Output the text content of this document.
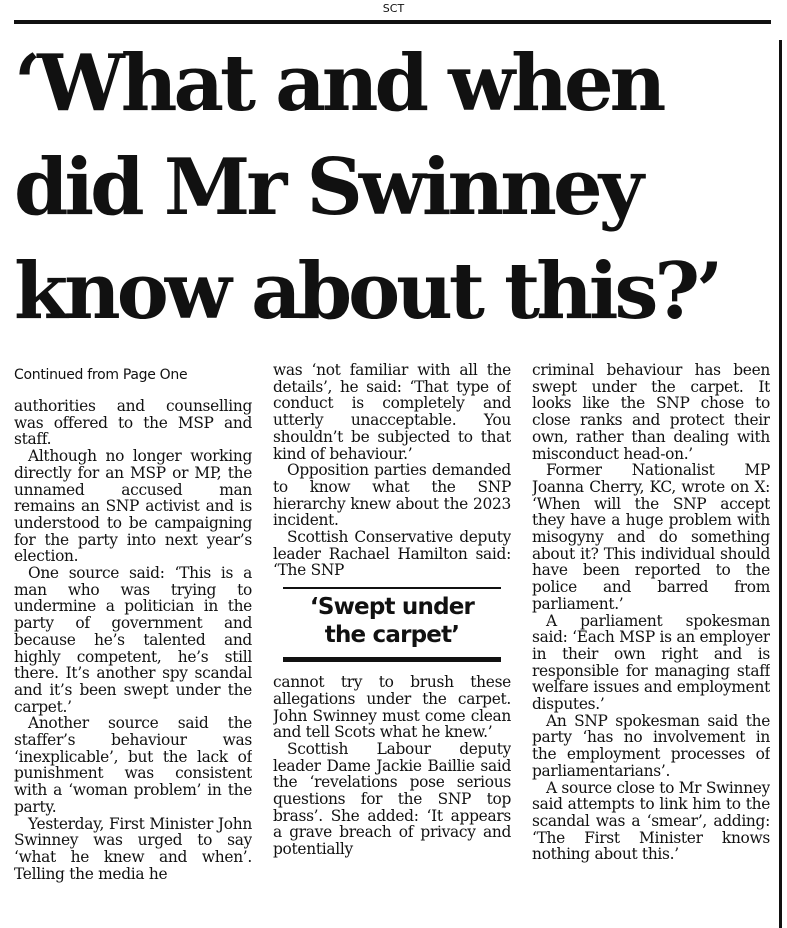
SCT
‘What and when
did Mr Swinney
know about this?’
Continued from Page One

authorities and counselling was offered to the MSP and staff.

Although no longer working directly for an MSP or MP, the unnamed accused man remains an SNP activist and is understood to be campaigning for the party into next year’s election.

One source said: ‘This is a man who was trying to undermine a politician in the party of government and because he’s talented and highly competent, he’s still there. It’s another spy scandal and it’s been swept under the carpet.’

Another source said the staffer’s behaviour was ‘inexplicable’, but the lack of punishment was consistent with a ‘woman problem’ in the party.

Yesterday, First Minister John Swinney was urged to say ‘what he knew and when’. Telling the media he

was ‘not familiar with all the details’, he said: ‘That type of conduct is completely and utterly unacceptable. You shouldn’t be subjected to that kind of behaviour.’

Opposition parties demanded to know what the SNP hierarchy knew about the 2023 incident.

Scottish Conservative deputy leader Rachael Hamilton said: ‘The SNP

‘Swept under
the carpet’

cannot try to brush these allegations under the carpet. John Swinney must come clean and tell Scots what he knew.’

Scottish Labour deputy leader Dame Jackie Baillie said the ‘revelations pose serious questions for the SNP top brass’. She added: ‘It appears a grave breach of privacy and potentially

criminal behaviour has been swept under the carpet. It looks like the SNP chose to close ranks and protect their own, rather than dealing with misconduct head-on.’

Former Nationalist MP Joanna Cherry, KC, wrote on X: ‘When will the SNP accept they have a huge problem with misogyny and do something about it? This individual should have been reported to the police and barred from parliament.’

A parliament spokesman said: ‘Each MSP is an employer in their own right and is responsible for managing staff welfare issues and employment disputes.’

An SNP spokesman said the party ‘has no involvement in the employment processes of parliamentarians’.

A source close to Mr Swinney said attempts to link him to the scandal was a ‘smear’, adding: ‘The First Minister knows nothing about this.’
